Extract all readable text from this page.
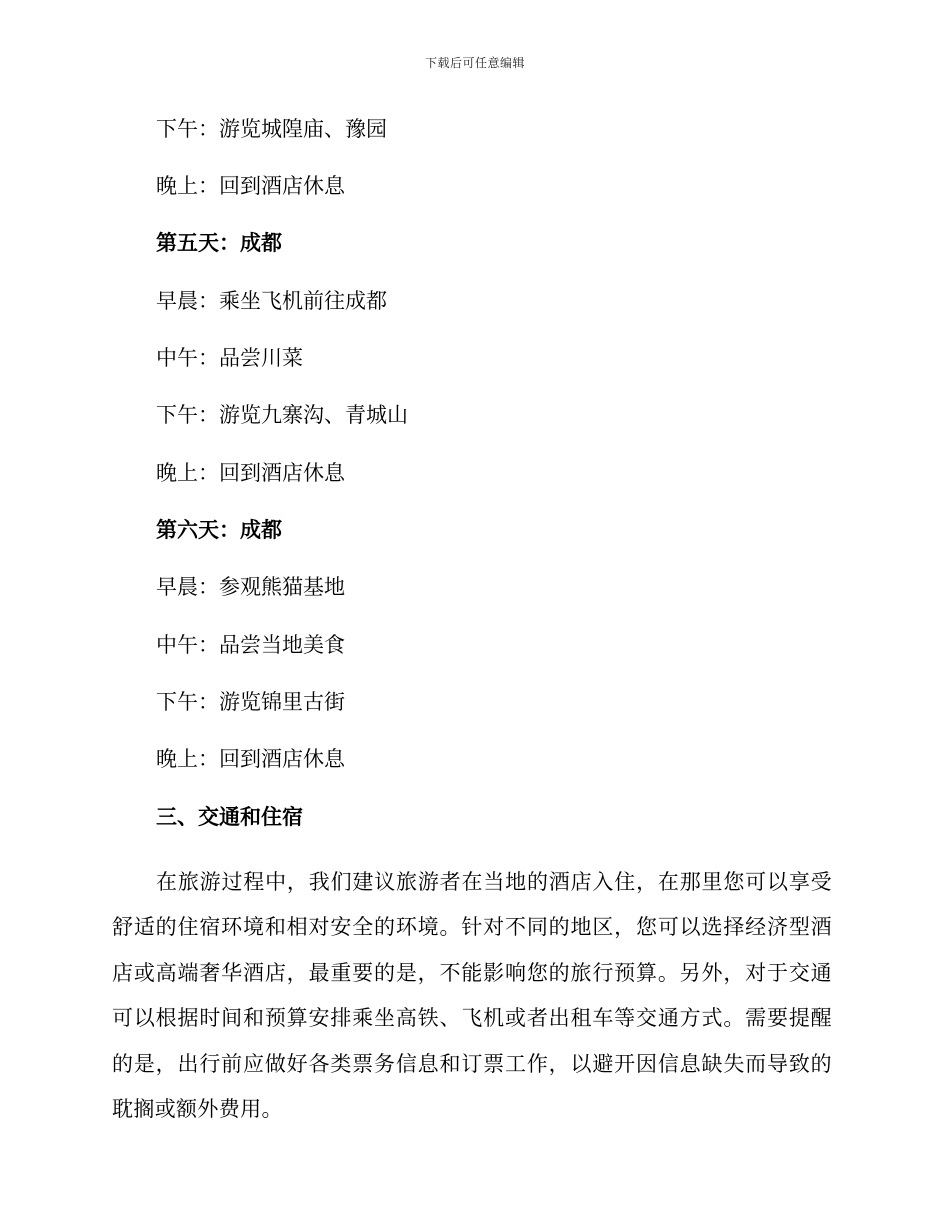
下载后可任意编辑
下午：游览城隍庙、豫园
晚上：回到酒店休息
第五天：成都
早晨：乘坐飞机前往成都
中午：品尝川菜
下午：游览九寨沟、青城山
晚上：回到酒店休息
第六天：成都
早晨：参观熊猫基地
中午：品尝当地美食
下午：游览锦里古街
晚上：回到酒店休息
三、交通和住宿
在旅游过程中，我们建议旅游者在当地的酒店入住，在那里您可以享受舒适的住宿环境和相对安全的环境。针对不同的地区，您可以选择经济型酒店或高端奢华酒店，最重要的是，不能影响您的旅行预算。另外，对于交通可以根据时间和预算安排乘坐高铁、飞机或者出租车等交通方式。需要提醒的是，出行前应做好各类票务信息和订票工作，以避开因信息缺失而导致的耽搁或额外费用。
